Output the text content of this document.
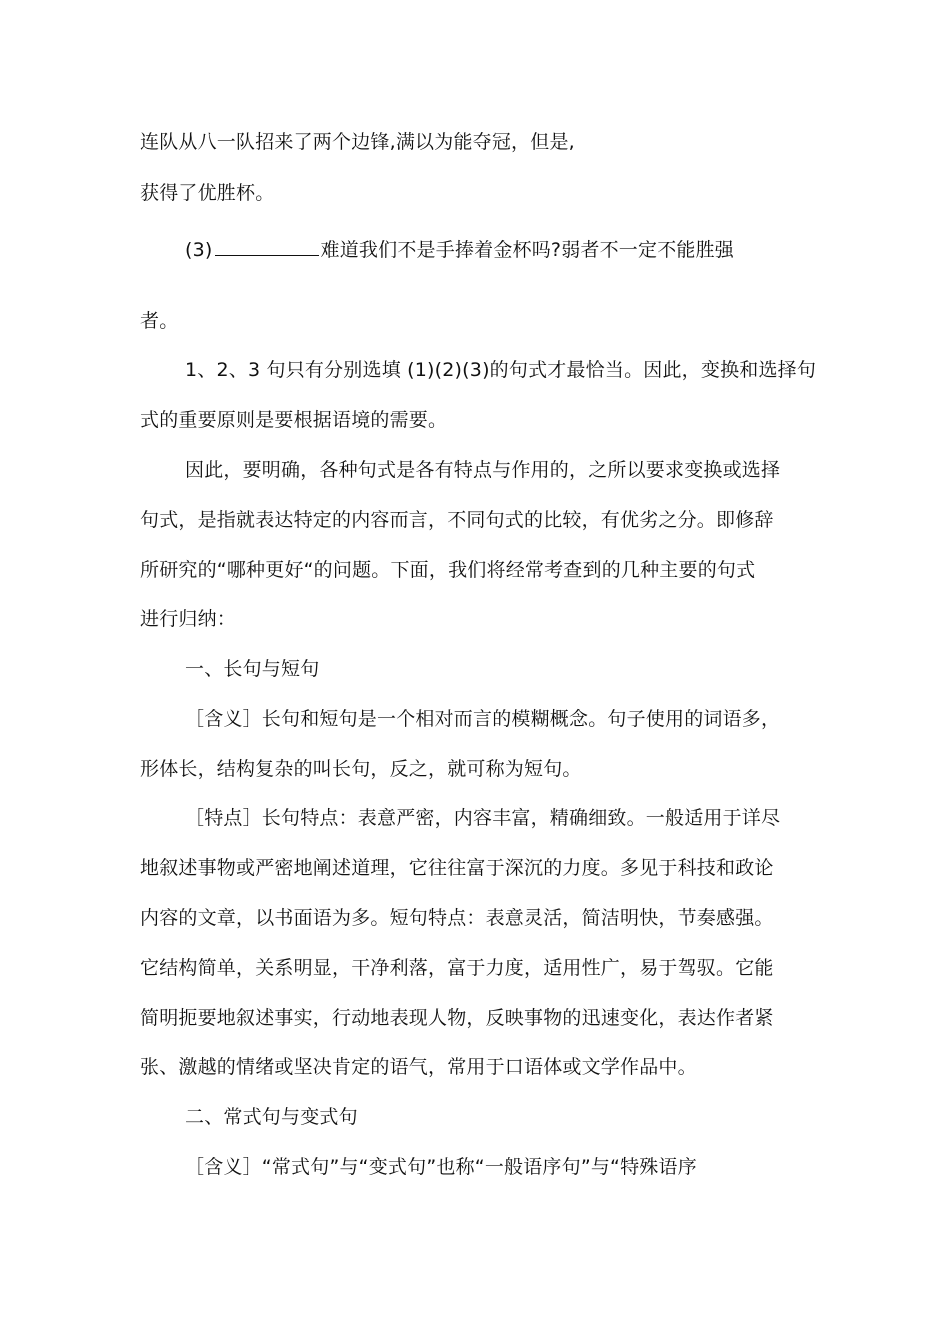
连队从八一队招来了两个边锋,满以为能夺冠，但是,
获得了优胜杯。
(3)	难道我们不是手捧着金杯吗?弱者不一定不能胜强
者。
1、2、3 句只有分别选填 (1)(2)(3)的句式才最恰当。因此，变换和选择句
式的重要原则是要根据语境的需要。
因此，要明确，各种句式是各有特点与作用的，之所以要求变换或选择
句式，是指就表达特定的内容而言，不同句式的比较，有优劣之分。即修辞
所研究的“哪种更好“的问题。下面，我们将经常考查到的几种主要的句式
进行归纳：
一、长句与短句
［含义］长句和短句是一个相对而言的模糊概念。句子使用的词语多，
形体长，结构复杂的叫长句，反之，就可称为短句。
［特点］长句特点：表意严密，内容丰富，精确细致。一般适用于详尽
地叙述事物或严密地阐述道理，它往往富于深沉的力度。多见于科技和政论
内容的文章，以书面语为多。短句特点：表意灵活，简洁明快，节奏感强。
它结构简单，关系明显，干净利落，富于力度，适用性广，易于驾驭。它能
简明扼要地叙述事实，行动地表现人物，反映事物的迅速变化，表达作者紧
张、激越的情绪或坚决肯定的语气，常用于口语体或文学作品中。
二、常式句与变式句
［含义］“常式句”与“变式句”也称“一般语序句”与“特殊语序
